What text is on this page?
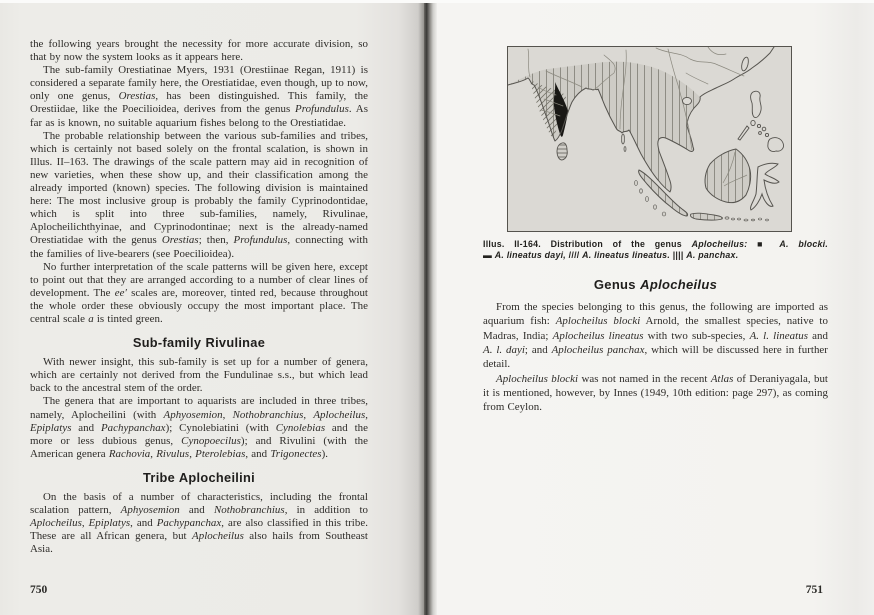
the following years brought the necessity for more accurate division, so that by now the system looks as it appears here.

The sub-family Orestiatinae Myers, 1931 (Orestiinae Regan, 1911) is considered a separate family here, the Orestiatidae, even though, up to now, only one genus, Orestias, has been distinguished. This family, the Orestiidae, like the Poecilioidea, derives from the genus Profundulus. As far as is known, no suitable aquarium fishes belong to the Orestiatidae.

The probable relationship between the various sub-families and tribes, which is certainly not based solely on the frontal scalation, is shown in Illus. II–163. The drawings of the scale pattern may aid in recognition of new varieties, when these show up, and their classification among the already imported (known) species. The following division is maintained here: The most inclusive group is probably the family Cyprinodontidae, which is split into three sub-families, namely, Rivulinae, Aplocheilichthyinae, and Cyprinodontinae; next is the already-named Orestiatidae with the genus Orestias; then, Profundulus, connecting with the families of live-bearers (see Poecilioidea).

No further interpretation of the scale patterns will be given here, except to point out that they are arranged according to a number of clear lines of development. The ee′ scales are, moreover, tinted red, because throughout the whole order these obviously occupy the most important place. The central scale a is tinted green.

Sub-family Rivulinae

With newer insight, this sub-family is set up for a number of genera, which are certainly not derived from the Fundulinae s.s., but which lead back to the ancestral stem of the order.

The genera that are important to aquarists are included in three tribes, namely, Aplocheilini (with Aphyosemion, Nothobranchius, Aplocheilus, Epiplatys and Pachypanchax); Cynolebiatini (with Cynolebias and the more or less dubious genus, Cynopoecilus); and Rivulini (with the American genera Rachovia, Rivulus, Pterolebias, and Trigonectes).

Tribe Aplocheilini

On the basis of a number of characteristics, including the frontal scalation pattern, Aphyosemion and Nothobranchius, in addition to Aplocheilus, Epiplatys, and Pachypanchax, are also classified in this tribe. These are all African genera, but Aplocheilus also hails from Southeast Asia.

750
Illus. II-164. Distribution of the genus Aplocheilus: ■ A. blocki.
▬ A. lineatus dayi, //// A. lineatus lineatus. |||| A. panchax.
Genus Aplocheilus

From the species belonging to this genus, the following are imported as aquarium fish: Aplocheilus blocki Arnold, the smallest species, native to Madras, India; Aplocheilus lineatus with two sub-species, A. l. lineatus and A. l. dayi; and Aplocheilus panchax, which will be discussed here in further detail.

Aplocheilus blocki was not named in the recent Atlas of Deraniyagala, but it is mentioned, however, by Innes (1949, 10th edition: page 297), as coming from Ceylon.

751
